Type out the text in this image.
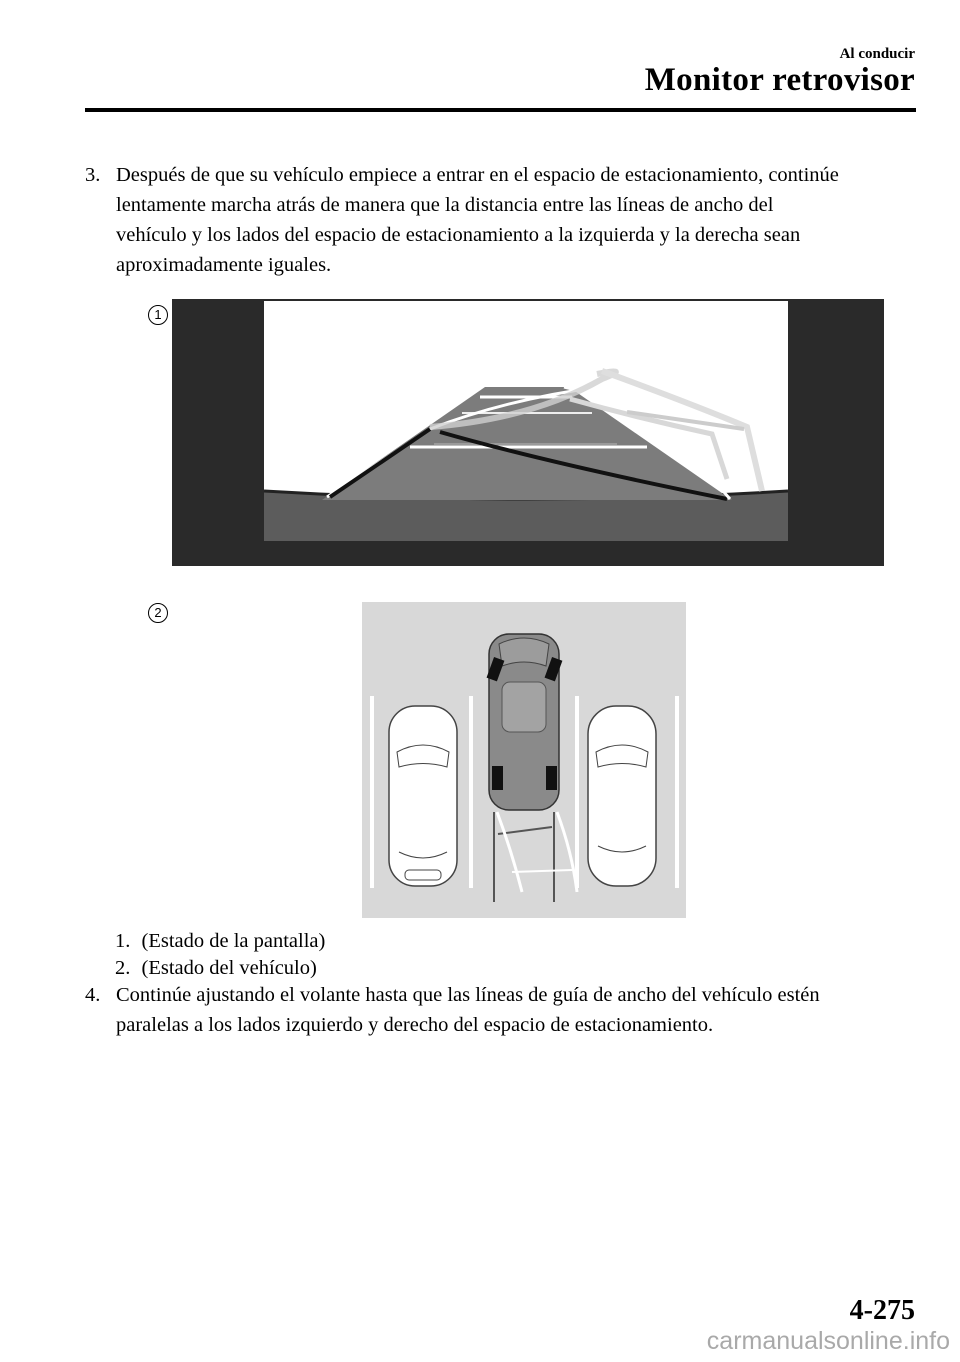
Al conducir
Monitor retrovisor
3. Después de que su vehículo empiece a entrar en el espacio de estacionamiento, continúe
lentamente marcha atrás de manera que la distancia entre las líneas de ancho del
vehículo y los lados del espacio de estacionamiento a la izquierda y la derecha sean
aproximadamente iguales.
1
2
1. (Estado de la pantalla)
2. (Estado del vehículo)
4. Continúe ajustando el volante hasta que las líneas de guía de ancho del vehículo estén
paralelas a los lados izquierdo y derecho del espacio de estacionamiento.
4-275
carmanualsonline.info
